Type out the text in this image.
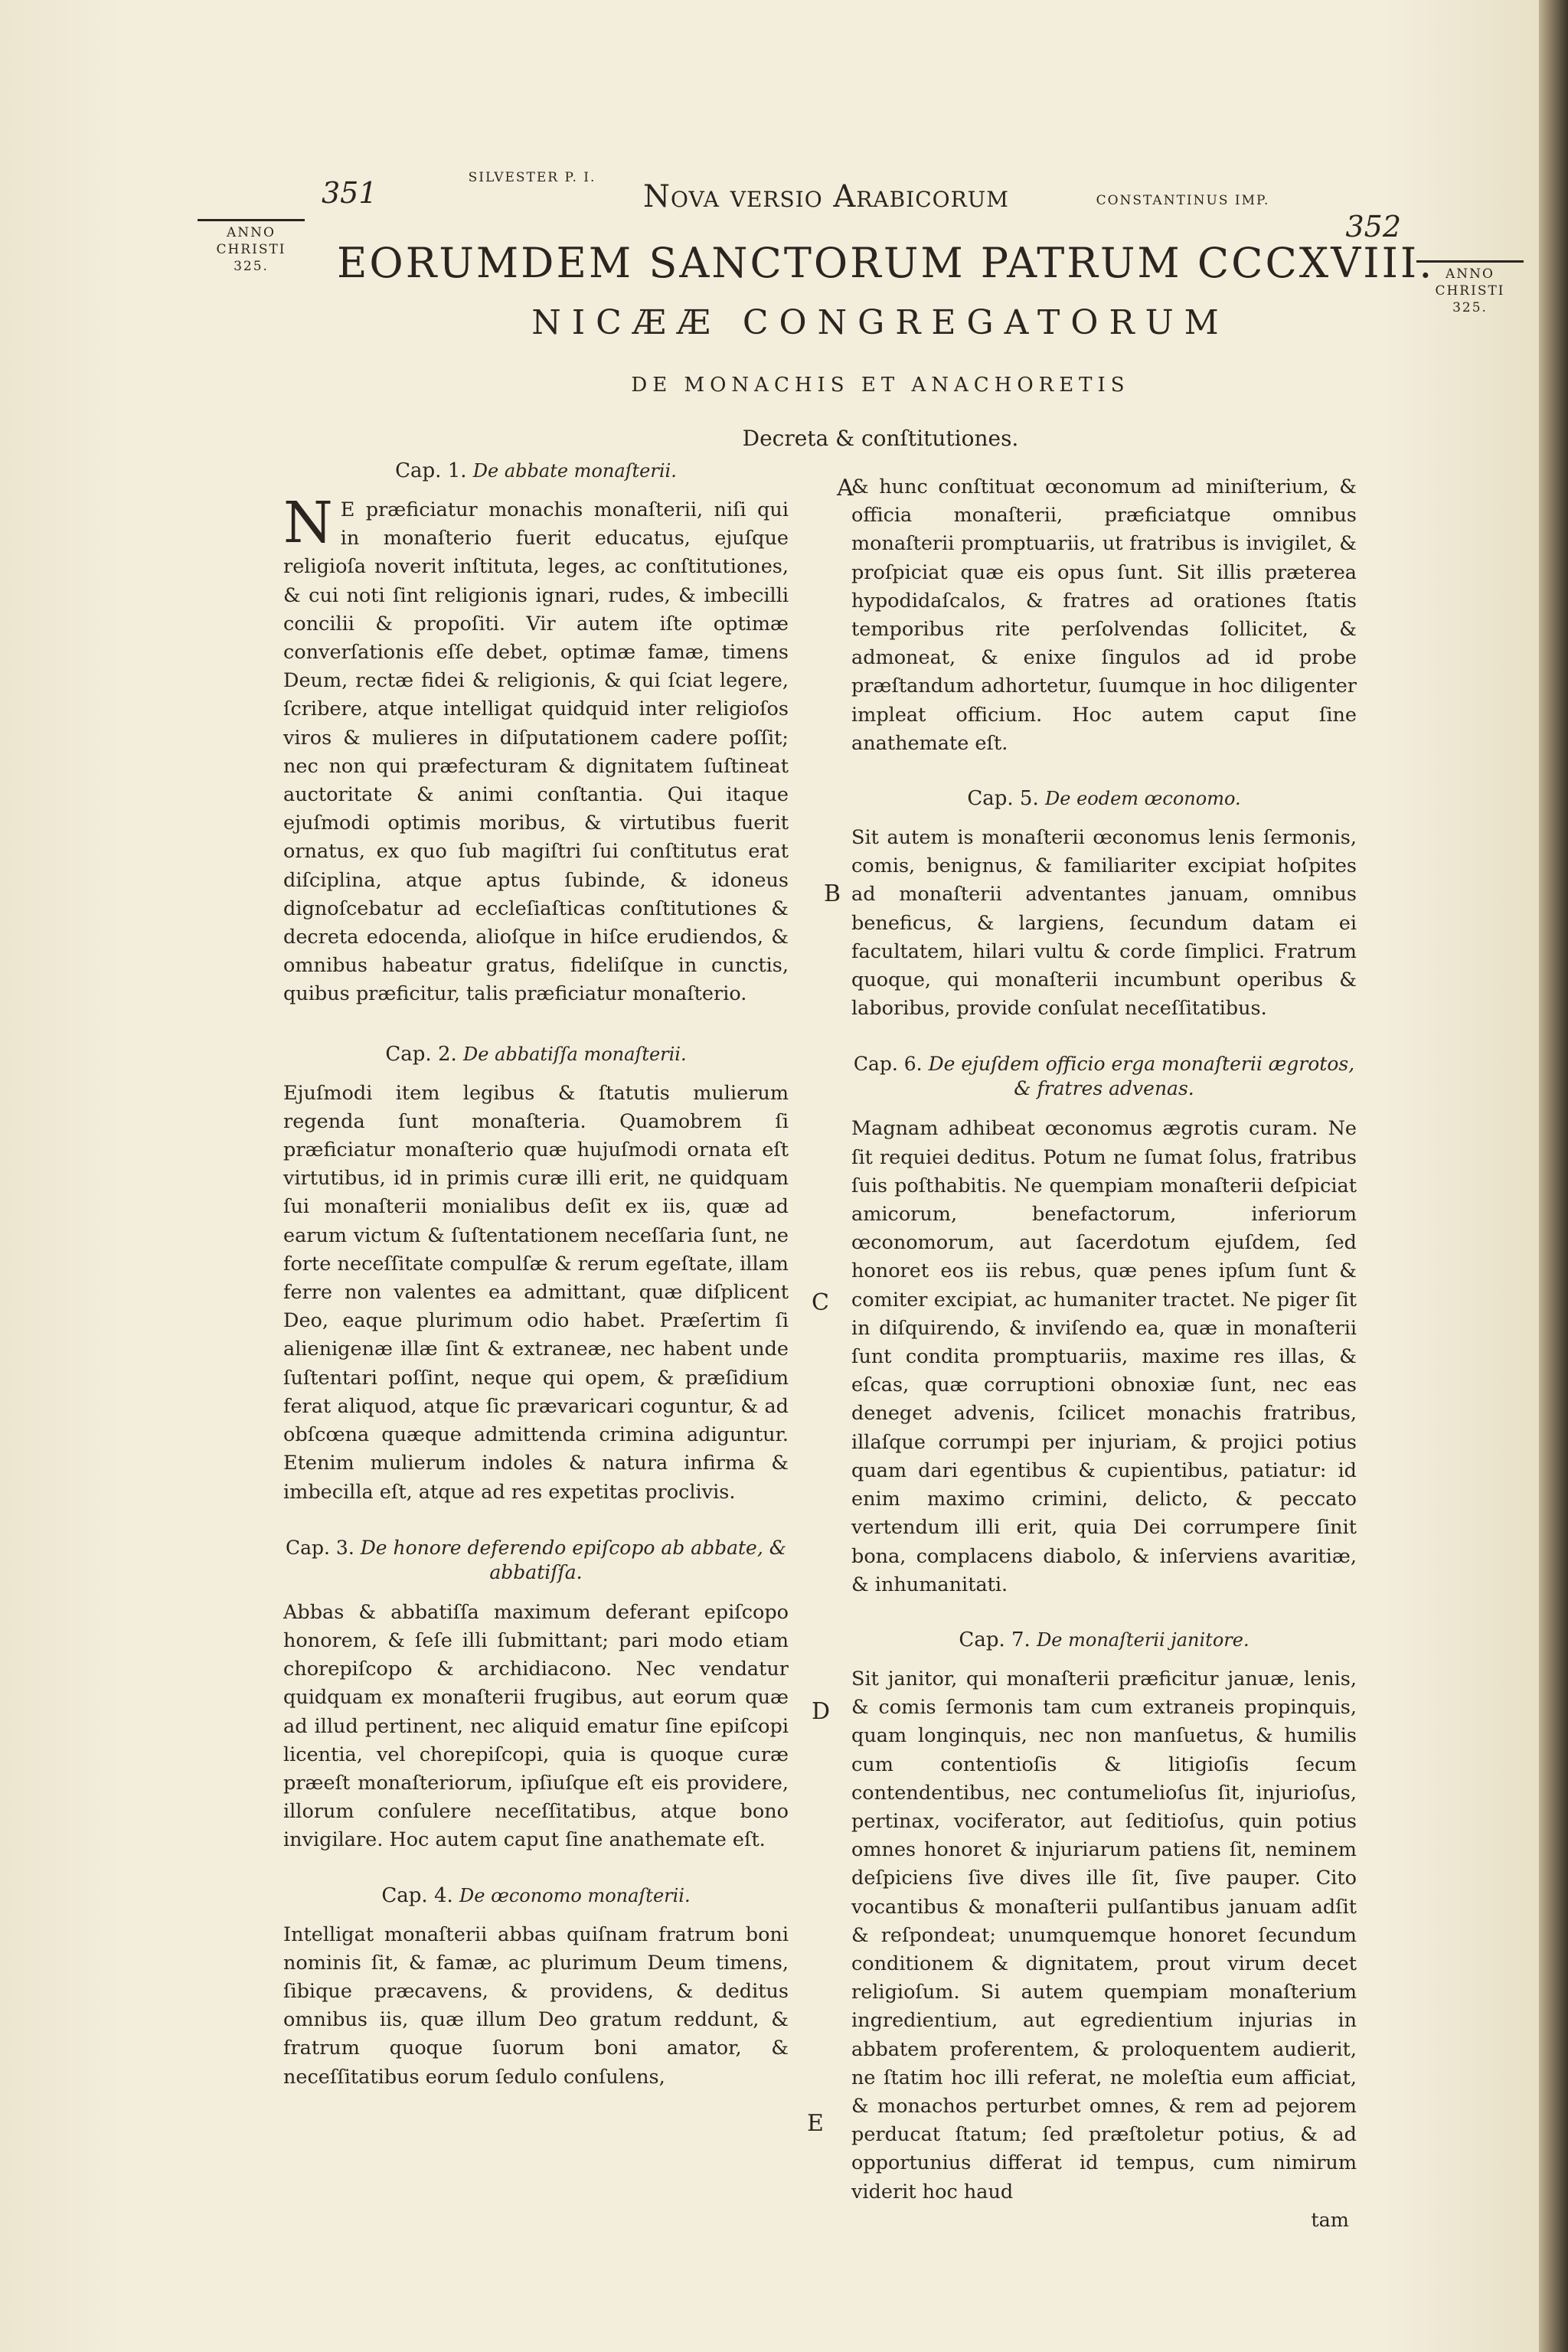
351	SILVESTER P. I.
Nova versio Arabicorum	CONSTANTINUS IMP.
352
ANNO CHRISTI 325.	ANNO CHRISTI 325.
EORUMDEM SANCTORUM PATRUM CCCXVIII.
NICÆÆ CONGREGATORUM
DE MONACHIS ET ANACHORETIS
Decreta & conſtitutiones.
Cap. 1. De abbate monaſterii.

N E præficiatur monachis monaſterii, niſi qui in monaſterio fuerit educatus, ejuſque religioſa noverit inſtituta, leges, ac conſtitutiones, & cui noti ſint religionis ignari, rudes, & imbecilli concilii & propoſiti. Vir autem iſte optimæ converſationis eſſe debet, optimæ famæ, timens Deum, rectæ fidei & religionis, & qui ſciat legere, ſcribere, atque intelligat quidquid inter religioſos viros & mulieres in diſputationem cadere poſſit; nec non qui præfecturam & dignitatem ſuſtineat auctoritate & animi conſtantia. Qui itaque ejuſmodi optimis moribus, & virtutibus fuerit ornatus, ex quo ſub magiſtri ſui conſtitutus erat diſciplina, atque aptus ſubinde, & idoneus dignoſcebatur ad eccleſiaſticas conſtitutiones & decreta edocenda, alioſque in hiſce erudiendos, & omnibus habeatur gratus, fideliſque in cunctis, quibus præficitur, talis præficiatur monaſterio.

Cap. 2. De abbatiſſa monaſterii.

Ejuſmodi item legibus & ſtatutis mulierum regenda ſunt monaſteria. Quamobrem ſi præficiatur monaſterio quæ hujuſmodi ornata eſt virtutibus, id in primis curæ illi erit, ne quidquam ſui monaſterii monialibus deſit ex iis, quæ ad earum victum & ſuſtentationem neceſſaria ſunt, ne forte neceſſitate compulſæ & rerum egeſtate, illam ferre non valentes ea admittant, quæ diſplicent Deo, eaque plurimum odio habet. Præſertim ſi alienigenæ illæ ſint & extraneæ, nec habent unde ſuſtentari poſſint, neque qui opem, & præſidium ferat aliquod, atque ſic prævaricari coguntur, & ad obſcœna quæque admittenda crimina adiguntur. Etenim mulierum indoles & natura infirma & imbecilla eſt, atque ad res expetitas proclivis.

Cap. 3. De honore deferendo epiſcopo ab abbate, & abbatiſſa.

Abbas & abbatiſſa maximum deferant epiſcopo honorem, & ſeſe illi ſubmittant; pari modo etiam chorepiſcopo & archidiacono. Nec vendatur quidquam ex monaſterii frugibus, aut eorum quæ ad illud pertinent, nec aliquid ematur ſine epiſcopi licentia, vel chorepiſcopi, quia is quoque curæ præeſt monaſteriorum, ipſiuſque eſt eis providere, illorum conſulere neceſſitatibus, atque bono invigilare. Hoc autem caput ſine anathemate eſt.

Cap. 4. De œconomo monaſterii.

Intelligat monaſterii abbas quiſnam fratrum boni nominis ſit, & famæ, ac plurimum Deum timens, ſibique præcavens, & providens, & deditus omnibus iis, quæ illum Deo gratum reddunt, & fratrum quoque ſuorum boni amator, & neceſſitatibus eorum ſedulo conſulens,

A
B
C
D
E

& hunc conſtituat œconomum ad miniſterium, & officia monaſterii, præficiatque omnibus monaſterii promptuariis, ut fratribus is invigilet, & proſpiciat quæ eis opus ſunt. Sit illis præterea hypodidaſcalos, & fratres ad orationes ſtatis temporibus rite perſolvendas ſollicitet, & admoneat, & enixe ſingulos ad id probe præſtandum adhortetur, ſuumque in hoc diligenter impleat officium. Hoc autem caput ſine anathemate eſt.

Cap. 5. De eodem œconomo.

Sit autem is monaſterii œconomus lenis ſermonis, comis, benignus, & familiariter excipiat hoſpites ad monaſterii adventantes januam, omnibus beneficus, & largiens, ſecundum datam ei facultatem, hilari vultu & corde ſimplici. Fratrum quoque, qui monaſterii incumbunt operibus & laboribus, provide conſulat neceſſitatibus.

Cap. 6. De ejuſdem officio erga monaſterii ægrotos, & fratres advenas.

Magnam adhibeat œconomus ægrotis curam. Ne ſit requiei deditus. Potum ne ſumat ſolus, fratribus ſuis poſthabitis. Ne quempiam monaſterii deſpiciat amicorum, benefactorum, inferiorum œconomorum, aut ſacerdotum ejuſdem, ſed honoret eos iis rebus, quæ penes ipſum ſunt & comiter excipiat, ac humaniter tractet. Ne piger ſit in diſquirendo, & inviſendo ea, quæ in monaſterii ſunt condita promptuariis, maxime res illas, & eſcas, quæ corruptioni obnoxiæ ſunt, nec eas deneget advenis, ſcilicet monachis fratribus, illaſque corrumpi per injuriam, & projici potius quam dari egentibus & cupientibus, patiatur: id enim maximo crimini, delicto, & peccato vertendum illi erit, quia Dei corrumpere ſinit bona, complacens diabolo, & inſerviens avaritiæ, & inhumanitati.

Cap. 7. De monaſterii janitore.

Sit janitor, qui monaſterii præficitur januæ, lenis, & comis ſermonis tam cum extraneis propinquis, quam longinquis, nec non manſuetus, & humilis cum contentioſis & litigioſis ſecum contendentibus, nec contumelioſus ſit, injurioſus, pertinax, vociferator, aut ſeditioſus, quin potius omnes honoret & injuriarum patiens ſit, neminem deſpiciens ſive dives ille ſit, ſive pauper. Cito vocantibus & monaſterii pulſantibus januam adſit & reſpondeat; unumquemque honoret ſecundum conditionem & dignitatem, prout virum decet religioſum. Si autem quempiam monaſterium ingredientium, aut egredientium injurias in abbatem proferentem, & proloquentem audierit, ne ſtatim hoc illi referat, ne moleſtia eum afficiat, & monachos perturbet omnes, & rem ad pejorem perducat ſtatum; ſed præſtoletur potius, & ad opportunius differat id tempus, cum nimirum viderit hoc haud

tam
